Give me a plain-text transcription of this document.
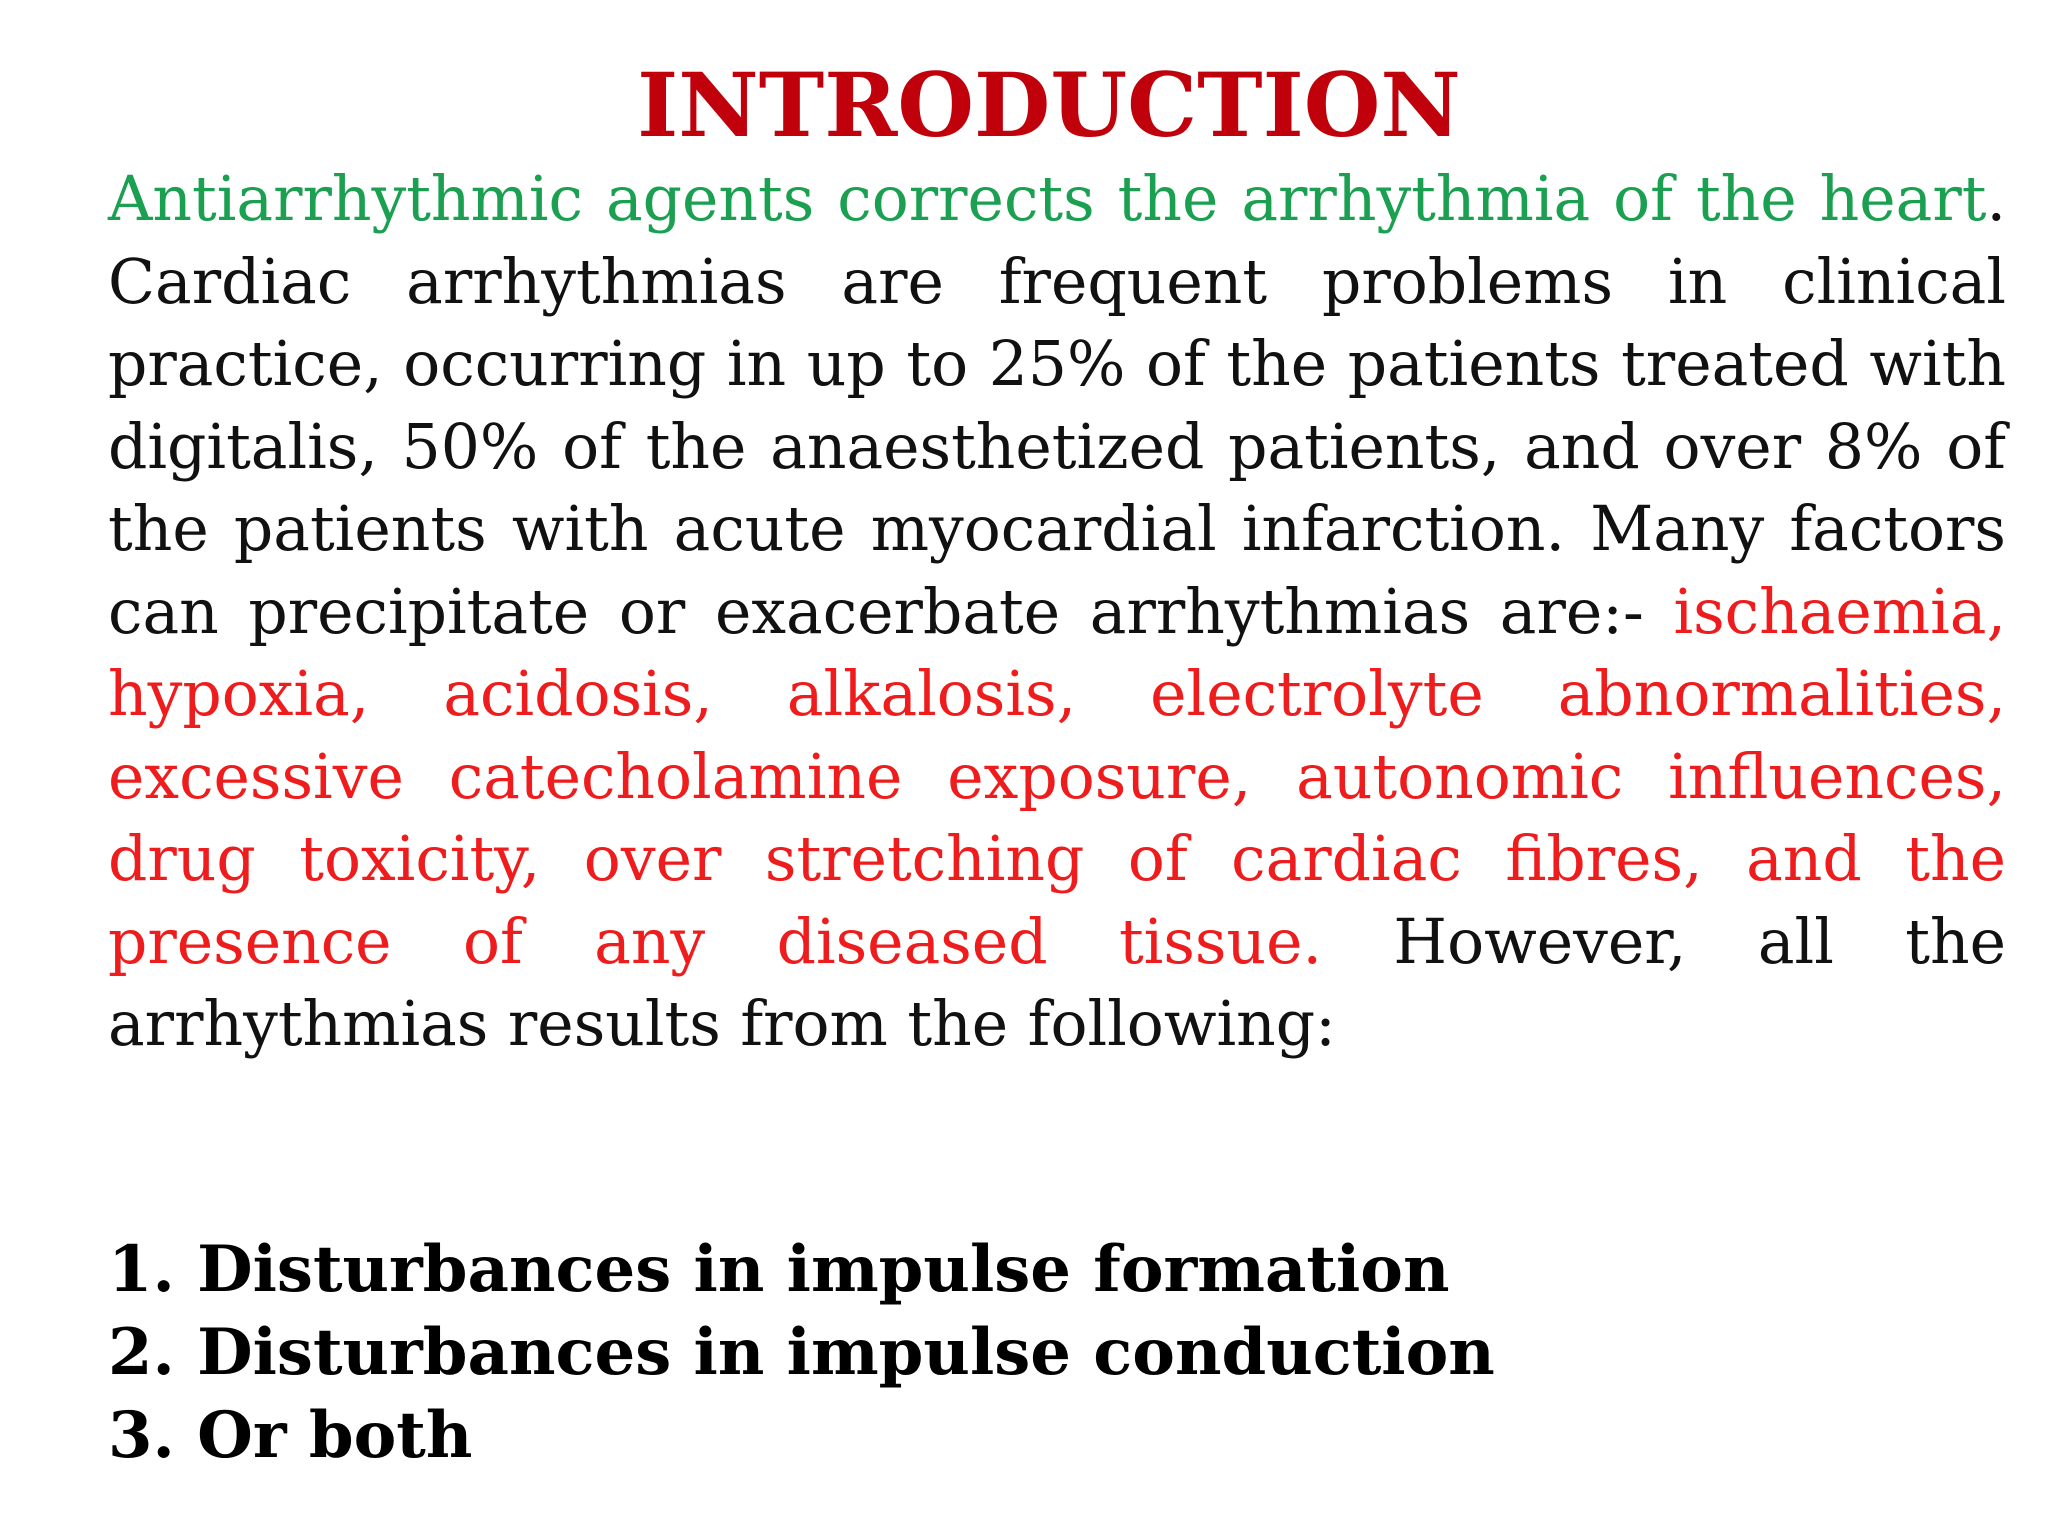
INTRODUCTION

Antiarrhythmic agents corrects the arrhythmia of the heart. Cardiac arrhythmias are frequent problems in clinical practice, occurring in up to 25% of the patients treated with digitalis, 50% of the anaesthetized patients, and over 8% of the patients with acute myocardial infarction. Many factors can precipitate or exacerbate arrhythmias are:- ischaemia, hypoxia, acidosis, alkalosis, electrolyte abnormalities, excessive catecholamine exposure, autonomic influences, drug toxicity, over stretching of cardiac fibres, and the presence of any diseased tissue. However, all the arrhythmias results from the following:

1. Disturbances in impulse formation
2. Disturbances in impulse conduction
3. Or both
